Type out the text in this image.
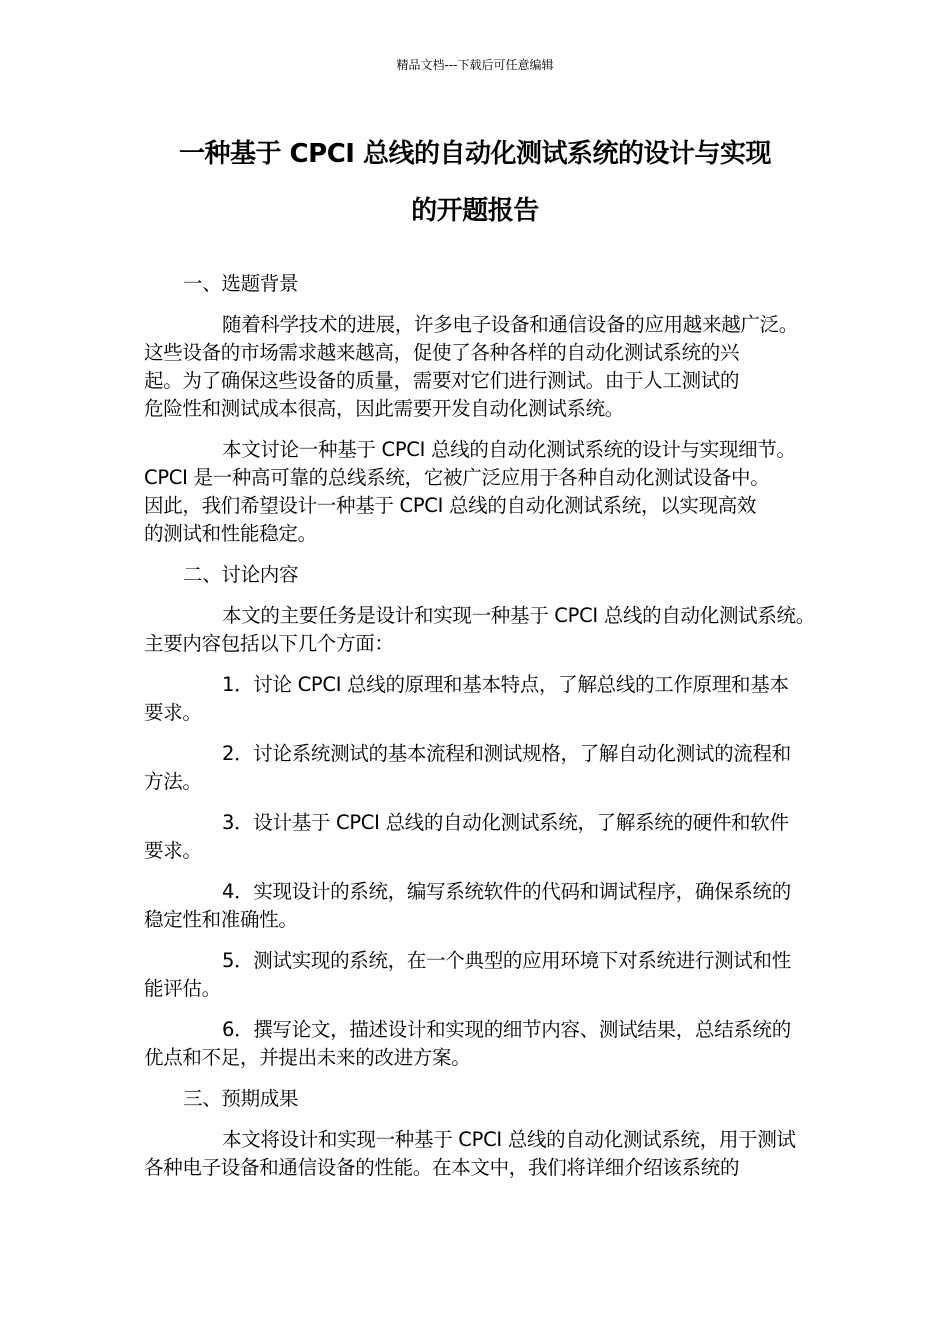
精品文档---下载后可任意编辑
一种基于 CPCI 总线的自动化测试系统的设计与实现
的开题报告
一、选题背景
随着科学技术的进展，许多电子设备和通信设备的应用越来越广泛。
这些设备的市场需求越来越高，促使了各种各样的自动化测试系统的兴
起。为了确保这些设备的质量，需要对它们进行测试。由于人工测试的
危险性和测试成本很高，因此需要开发自动化测试系统。
本文讨论一种基于 CPCI 总线的自动化测试系统的设计与实现细节。
CPCI 是一种高可靠的总线系统，它被广泛应用于各种自动化测试设备中。
因此，我们希望设计一种基于 CPCI 总线的自动化测试系统，以实现高效
的测试和性能稳定。
二、讨论内容
本文的主要任务是设计和实现一种基于 CPCI 总线的自动化测试系统。
主要内容包括以下几个方面：
1．讨论 CPCI 总线的原理和基本特点，了解总线的工作原理和基本
要求。
2．讨论系统测试的基本流程和测试规格，了解自动化测试的流程和
方法。
3．设计基于 CPCI 总线的自动化测试系统，了解系统的硬件和软件
要求。
4．实现设计的系统，编写系统软件的代码和调试程序，确保系统的
稳定性和准确性。
5．测试实现的系统，在一个典型的应用环境下对系统进行测试和性
能评估。
6．撰写论文，描述设计和实现的细节内容、测试结果，总结系统的
优点和不足，并提出未来的改进方案。
三、预期成果
本文将设计和实现一种基于 CPCI 总线的自动化测试系统，用于测试
各种电子设备和通信设备的性能。在本文中，我们将详细介绍该系统的
